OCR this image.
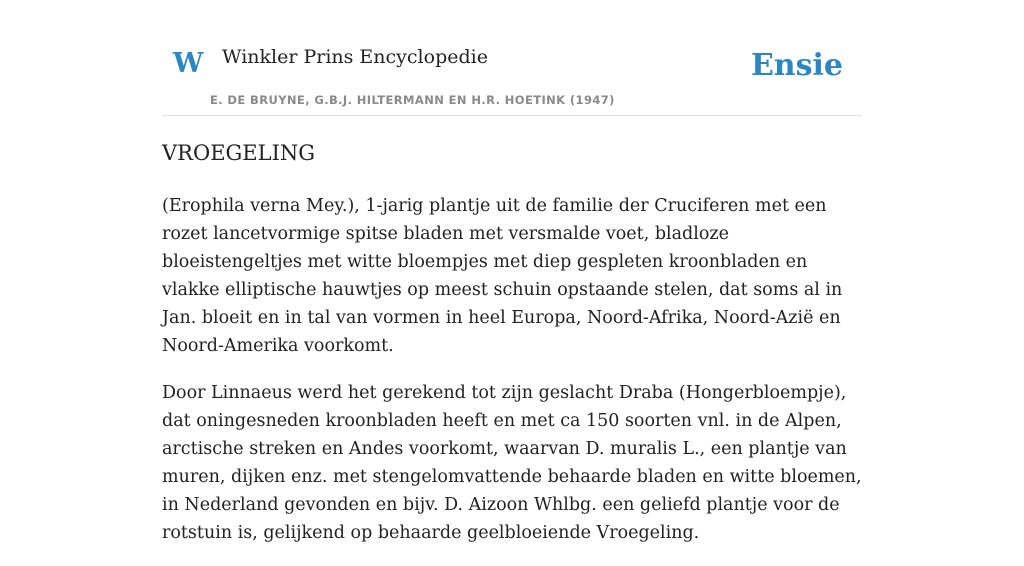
W Winkler Prins Encyclopedie
E. DE BRUYNE, G.B.J. HILTERMANN EN H.R. HOETINK (1947)
Ensie
VROEGELING

(Erophila verna Mey.), 1-jarig plantje uit de familie der Cruciferen met een rozet lancetvormige spitse bladen met versmalde voet, bladloze bloeistengeltjes met witte bloempjes met diep gespleten kroonbladen en vlakke elliptische hauwtjes op meest schuin opstaande stelen, dat soms al in Jan. bloeit en in tal van vormen in heel Europa, Noord-Afrika, Noord-Azië en Noord-Amerika voorkomt.

Door Linnaeus werd het gerekend tot zijn geslacht Draba (Hongerbloempje), dat oningesneden kroonbladen heeft en met ca 150 soorten vnl. in de Alpen, arctische streken en Andes voorkomt, waarvan D. muralis L., een plantje van muren, dijken enz. met stengelomvattende behaarde bladen en witte bloemen, in Nederland gevonden en bijv. D. Aizoon Whlbg. een geliefd plantje voor de rotstuin is, gelijkend op behaarde geelbloeiende Vroegeling.
